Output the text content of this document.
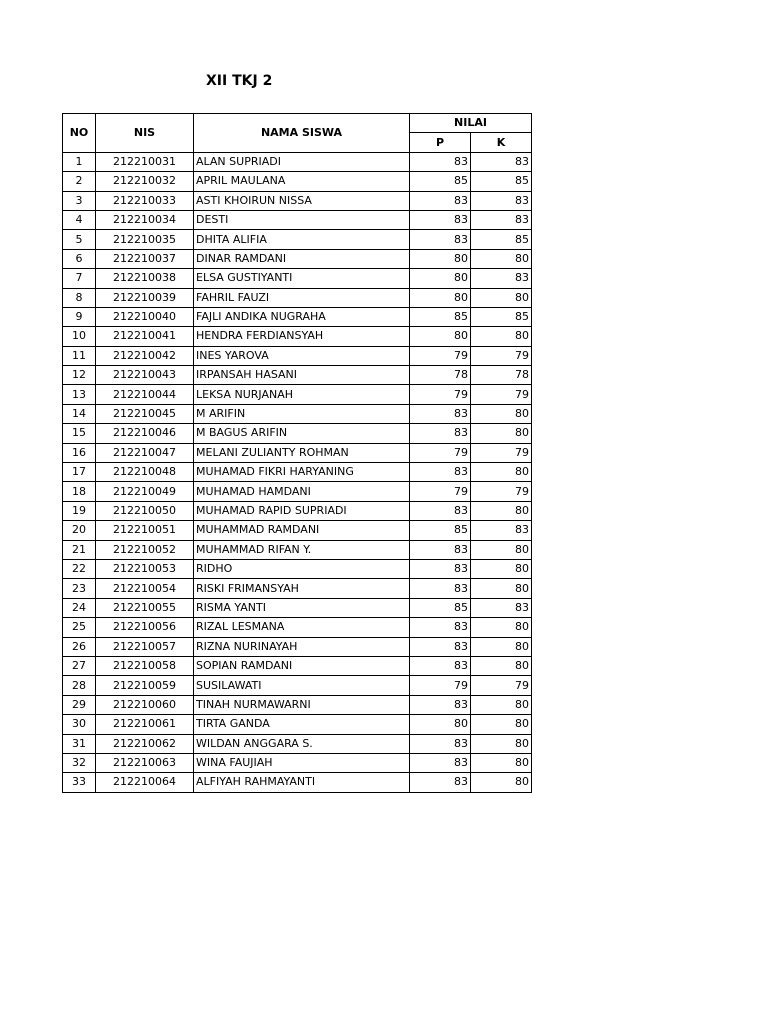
XII TKJ 2
NO	NIS	NAMA SISWA	NILAI	
			P	K
1	212210031	ALAN SUPRIADI	83	83
2	212210032	APRIL MAULANA	85	85
3	212210033	ASTI KHOIRUN NISSA	83	83
4	212210034	DESTI	83	83
5	212210035	DHITA ALIFIA	83	85
6	212210037	DINAR RAMDANI	80	80
7	212210038	ELSA GUSTIYANTI	80	83
8	212210039	FAHRIL FAUZI	80	80
9	212210040	FAJLI ANDIKA NUGRAHA	85	85
10	212210041	HENDRA FERDIANSYAH	80	80
11	212210042	INES YAROVA	79	79
12	212210043	IRPANSAH HASANI	78	78
13	212210044	LEKSA NURJANAH	79	79
14	212210045	M ARIFIN	83	80
15	212210046	M BAGUS ARIFIN	83	80
16	212210047	MELANI ZULIANTY ROHMAN	79	79
17	212210048	MUHAMAD FIKRI HARYANING	83	80
18	212210049	MUHAMAD HAMDANI	79	79
19	212210050	MUHAMAD RAPID SUPRIADI	83	80
20	212210051	MUHAMMAD RAMDANI	85	83
21	212210052	MUHAMMAD RIFAN Y.	83	80
22	212210053	RIDHO	83	80
23	212210054	RISKI FRIMANSYAH	83	80
24	212210055	RISMA YANTI	85	83
25	212210056	RIZAL LESMANA	83	80
26	212210057	RIZNA NURINAYAH	83	80
27	212210058	SOPIAN RAMDANI	83	80
28	212210059	SUSILAWATI	79	79
29	212210060	TINAH NURMAWARNI	83	80
30	212210061	TIRTA GANDA	80	80
31	212210062	WILDAN ANGGARA S.	83	80
32	212210063	WINA FAUJIAH	83	80
33	212210064	ALFIYAH RAHMAYANTI	83	80
